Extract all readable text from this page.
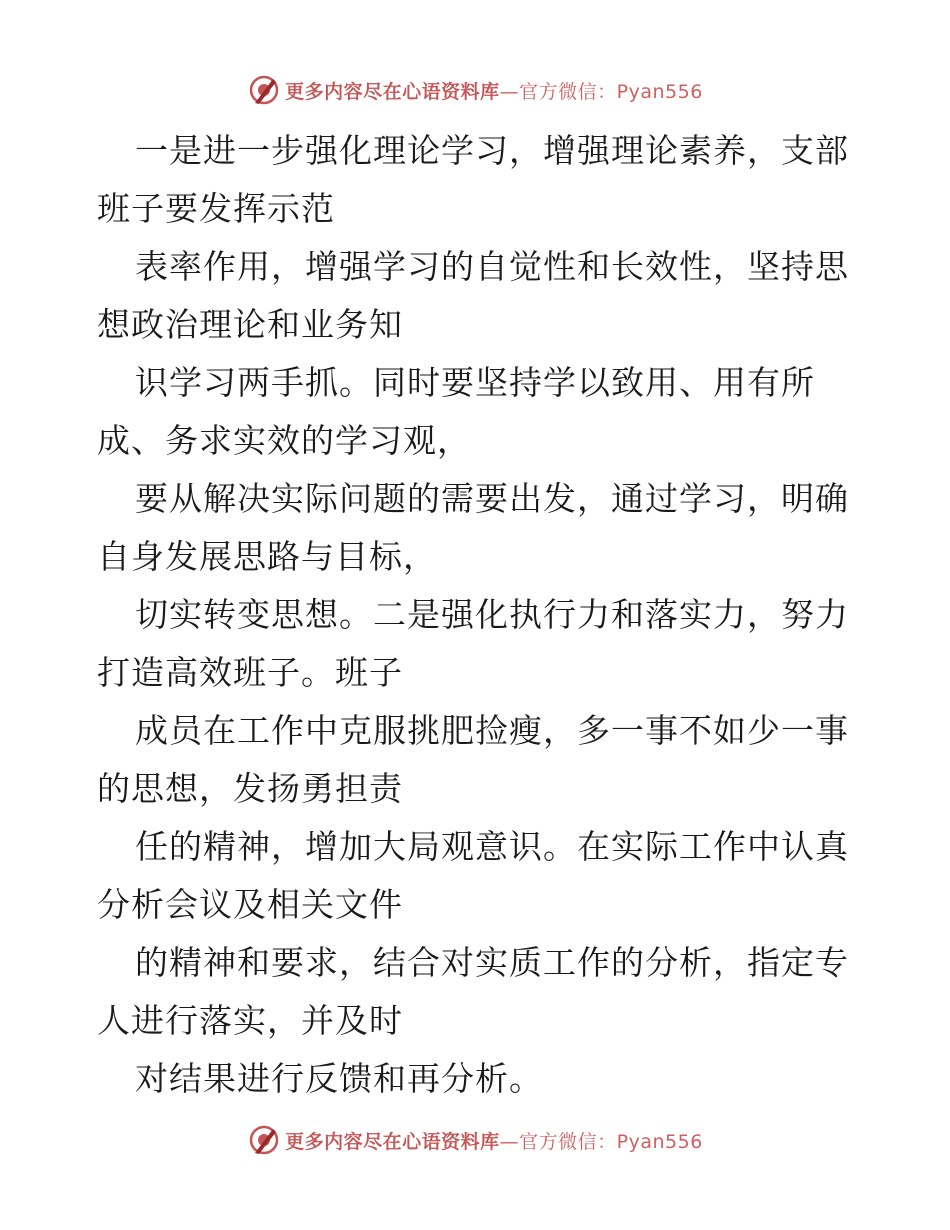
更多内容尽在心语资料库—官方微信：Pyan556
一是进一步强化理论学习，增强理论素养，支部
班子要发挥示范
表率作用，增强学习的自觉性和长效性，坚持思
想政治理论和业务知
识学习两手抓。同时要坚持学以致用、用有所
成、务求实效的学习观，
要从解决实际问题的需要出发，通过学习，明确
自身发展思路与目标，
切实转变思想。二是强化执行力和落实力，努力
打造高效班子。班子
成员在工作中克服挑肥捡瘦，多一事不如少一事
的思想，发扬勇担责
任的精神，增加大局观意识。在实际工作中认真
分析会议及相关文件
的精神和要求，结合对实质工作的分析，指定专
人进行落实，并及时
对结果进行反馈和再分析。
更多内容尽在心语资料库—官方微信：Pyan556
